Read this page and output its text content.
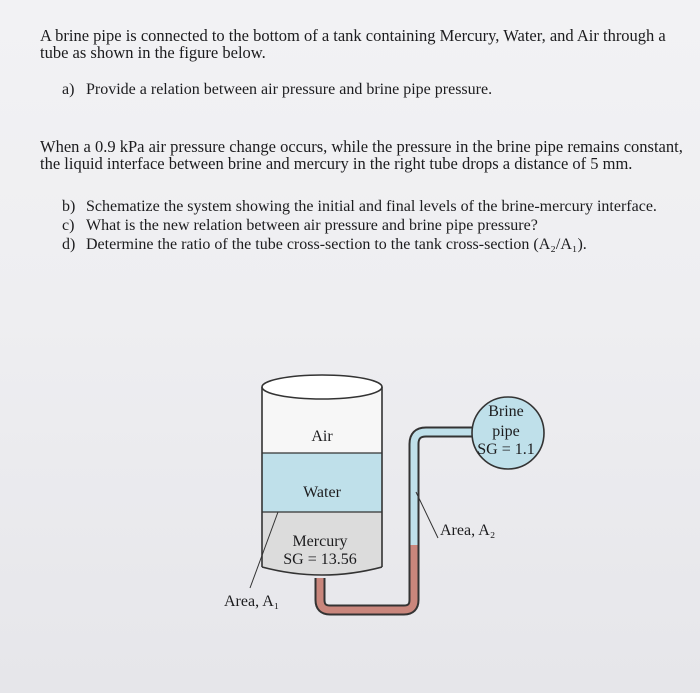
A brine pipe is connected to the bottom of a tank containing Mercury, Water, and Air through a tube as shown in the figure below.
a) Provide a relation between air pressure and brine pipe pressure.
When a 0.9 kPa air pressure change occurs, while the pressure in the brine pipe remains constant, the liquid interface between brine and mercury in the right tube drops a distance of 5 mm.
b) Schematize the system showing the initial and final levels of the brine-mercury interface.
c) What is the new relation between air pressure and brine pipe pressure?
d) Determine the ratio of the tube cross-section to the tank cross-section (A₂/A₁).
Air
Water
Mercury
SG = 13.56
Brine
pipe
SG = 1.1
Area, A₁
Area, A₂
